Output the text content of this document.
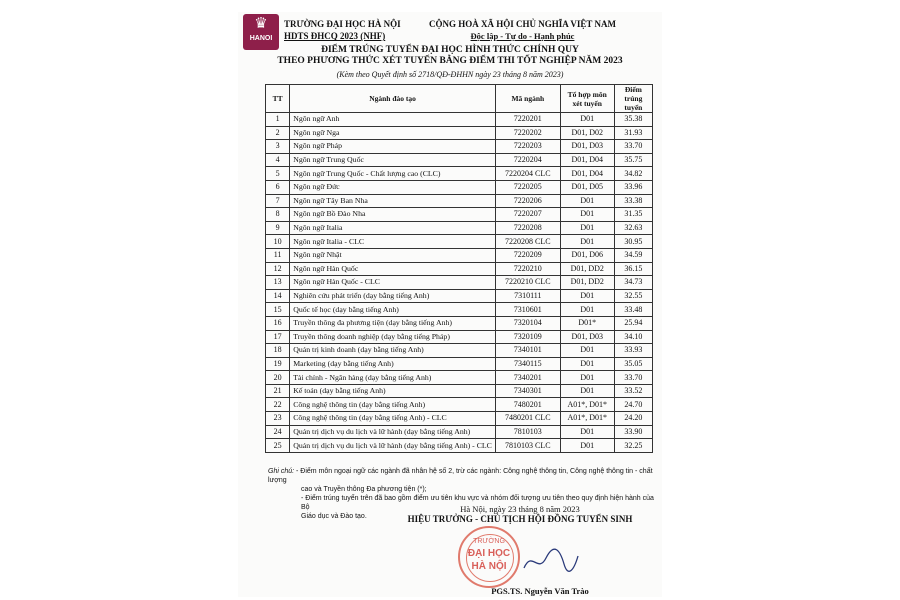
♛
HANOI
TRƯỜNG ĐẠI HỌC HÀ NỘI
HDTS ĐHCQ 2023 (NHF)
CỘNG HOÀ XÃ HỘI CHỦ NGHĨA VIỆT NAM
Độc lập - Tự do - Hạnh phúc
ĐIỂM TRÚNG TUYỂN ĐẠI HỌC HÌNH THỨC CHÍNH QUY
THEO PHƯƠNG THỨC XÉT TUYỂN BẰNG ĐIỂM THI TỐT NGHIỆP NĂM 2023
(Kèm theo Quyết định số 2718/QĐ-ĐHHN ngày 23 tháng 8 năm 2023)
TT	Ngành đào tạo	Mã ngành	Tổ hợp môn xét tuyển	Điểm trúng tuyển
1	Ngôn ngữ Anh	7220201	D01	35.38
2	Ngôn ngữ Nga	7220202	D01, D02	31.93
3	Ngôn ngữ Pháp	7220203	D01, D03	33.70
4	Ngôn ngữ Trung Quốc	7220204	D01, D04	35.75
5	Ngôn ngữ Trung Quốc - Chất lượng cao (CLC)	7220204 CLC	D01, D04	34.82
6	Ngôn ngữ Đức	7220205	D01, D05	33.96
7	Ngôn ngữ Tây Ban Nha	7220206	D01	33.38
8	Ngôn ngữ Bồ Đào Nha	7220207	D01	31.35
9	Ngôn ngữ Italia	7220208	D01	32.63
10	Ngôn ngữ Italia - CLC	7220208 CLC	D01	30.95
11	Ngôn ngữ Nhật	7220209	D01, D06	34.59
12	Ngôn ngữ Hàn Quốc	7220210	D01, DD2	36.15
13	Ngôn ngữ Hàn Quốc - CLC	7220210 CLC	D01, DD2	34.73
14	Nghiên cứu phát triển (dạy bằng tiếng Anh)	7310111	D01	32.55
15	Quốc tế học (dạy bằng tiếng Anh)	7310601	D01	33.48
16	Truyền thông đa phương tiện (dạy bằng tiếng Anh)	7320104	D01*	25.94
17	Truyền thông doanh nghiệp (dạy bằng tiếng Pháp)	7320109	D01, D03	34.10
18	Quản trị kinh doanh (dạy bằng tiếng Anh)	7340101	D01	33.93
19	Marketing (dạy bằng tiếng Anh)	7340115	D01	35.05
20	Tài chính - Ngân hàng (dạy bằng tiếng Anh)	7340201	D01	33.70
21	Kế toán (dạy bằng tiếng Anh)	7340301	D01	33.52
22	Công nghệ thông tin (dạy bằng tiếng Anh)	7480201	A01*, D01*	24.70
23	Công nghệ thông tin (dạy bằng tiếng Anh) - CLC	7480201 CLC	A01*, D01*	24.20
24	Quản trị dịch vụ du lịch và lữ hành (dạy bằng tiếng Anh)	7810103	D01	33.90
25	Quản trị dịch vụ du lịch và lữ hành (dạy bằng tiếng Anh) - CLC	7810103 CLC	D01	32.25
Ghi chú: - Điểm môn ngoại ngữ các ngành đã nhân hệ số 2, trừ các ngành: Công nghệ thông tin, Công nghệ thông tin - chất lượng
cao và Truyền thông Đa phương tiện (*);
- Điểm trúng tuyển trên đã bao gồm điểm ưu tiên khu vực và nhóm đối tượng ưu tiên theo quy định hiện hành của Bộ
Giáo dục và Đào tạo.
Hà Nội, ngày 23 tháng 8 năm 2023
HIỆU TRƯỞNG - CHỦ TỊCH HỘI ĐỒNG TUYỂN SINH
TRƯỜNG
ĐẠI HỌC
HÀ NỘI
PGS.TS. Nguyễn Văn Trào
